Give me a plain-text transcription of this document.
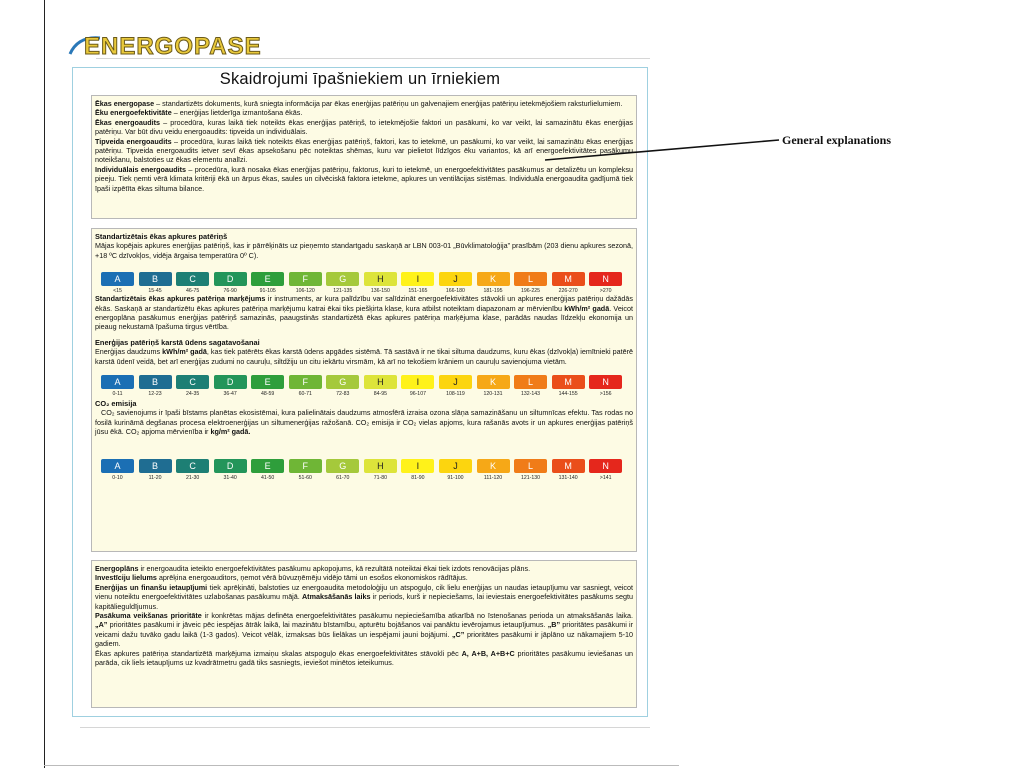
ENERGOPASE
Skaidrojumi īpašniekiem un īrniekiem

Ēkas energopase – standartizēts dokuments, kurā sniegta informācija par ēkas enerģijas patēriņu un galvenajiem enerģijas patēriņu ietekmējošiem raksturlielumiem.

Ēku energoefektivitāte – enerģijas lietderīga izmantošana ēkās.

Ēkas energoaudits – procedūra, kuras laikā tiek noteikts ēkas enerģijas patēriņš, to ietekmējošie faktori un pasākumi, ko var veikt, lai samazinātu ēkas enerģijas patēriņu. Var būt divu veidu energoaudits: tipveida un individuālais.

Tipveida energoaudits – procedūra, kuras laikā tiek noteikts ēkas enerģijas patēriņš, faktori, kas to ietekmē, un pasākumi, ko var veikt, lai samazinātu ēkas enerģijas patēriņu. Tipveida energoaudits ietver sevī ēkas apsekošanu pēc noteiktas shēmas, kuru var pielietot līdzīgos ēku variantos, kā arī energoefektivitātes pasākumu noteikšanu, balstoties uz ēkas elementu analīzi.

Individuālais energoaudits – procedūra, kurā nosaka ēkas enerģijas patēriņu, faktorus, kuri to ietekmē, un energoefektivitātes pasākumus ar detalizētu un kompleksu pieeju. Tiek ņemti vērā klimata kritēriji ēkā un ārpus ēkas, saules un cilvēciskā faktora ietekme, apkures un ventilācijas sistēmas. Individuāla energoaudita gadījumā tiek īpaši izpētīta ēkas siltuma bilance.

Standartizētais ēkas apkures patēriņš

Mājas kopējais apkures enerģijas patēriņš, kas ir pārrēķināts uz pieņemto standartgadu saskaņā ar LBN 003-01 „Būvklimatoloģija” prasībām (203 dienu apkures sezonā, +18 ºC dzīvokļos, vidēja ārgaisa temperatūra 0º C).

A
<15
B
15-45
C
46-75
D
76-90
E
91-105
F
106-120
G
121-135
H
136-150
I
151-165
J
166-180
K
181-195
L
196-225
M
226-270
N
>270

Standartizētais ēkas apkures patēriņa marķējums ir instruments, ar kura palīdzību var salīdzināt energoefektivitātes stāvokli un apkures enerģijas patēriņu dažādās ēkās. Saskaņā ar standartizētu ēkas apkures patēriņa marķējumu katrai ēkai tiks piešķirta klase, kura atbilst noteiktam diapazonam ar mērvienību kWh/m² gadā. Veicot energoplāna pasākumus enerģijas patēriņš samazinās, paaugstinās standartizētā ēkas apkures patēriņa marķējuma klase, parādās naudas līdzekļu ekonomija un pieaug nekustamā īpašuma tirgus vērtība.

Enerģijas patēriņš karstā ūdens sagatavošanai

Enerģijas daudzums kWh/m² gadā, kas tiek patērēts ēkas karstā ūdens apgādes sistēmā. Tā sastāvā ir ne tikai siltuma daudzums, kuru ēkas (dzīvokļa) iemītnieki patērē karstā ūdenī veidā, bet arī enerģijas zudumi no cauruļu, siltdžiju un citu iekārtu virsmām, kā arī no tekošiem krāniem un cauruļu savienojuma vietām.

A
0-11
B
12-23
C
24-35
D
36-47
E
48-59
F
60-71
G
72-83
H
84-95
I
96-107
J
108-119
K
120-131
L
132-143
M
144-155
N
>156

CO₂ emisija

CO₂ savienojums ir īpaši bīstams planētas ekosistēmai, kura palielinātais daudzums atmosfērā izraisa ozona slāņa samazināšanu un siltumnīcas efektu. Tas rodas no fosilā kurināmā degšanas procesa elektroenerģijas un siltumenerģijas ražošanā. CO₂ emisija ir CO₂ vielas apjoms, kura rašanās avots ir un apkures enerģijas patēriņš jūsu ēkā. CO₂ apjoma mērvienība ir kg/m² gadā.

A
0-10
B
11-20
C
21-30
D
31-40
E
41-50
F
51-60
G
61-70
H
71-80
I
81-90
J
91-100
K
111-120
L
121-130
M
131-140
N
>141

Energoplāns ir energoaudita ieteikto energoefektivitātes pasākumu apkopojums, kā rezultātā noteiktai ēkai tiek izdots renovācijas plāns.

Investīciju lielums aprēķina energoauditors, ņemot vērā būvuzņēmēju vidējo tāmi un esošos ekonomiskos rādītājus.

Enerģijas un finanšu ietaupījumi tiek aprēķināti, balstoties uz energoaudita metodoloģiju un atspoguļo, cik lielu enerģijas un naudas ietaupījumu var sasniegt, veicot vienu noteiktu energoefektivitātes uzlabošanas pasākumu mājā. Atmaksāšanās laiks ir periods, kurš ir nepieciešams, lai ieviestais energoefektivitātes pasākums segtu kapitālieguldījumus.

Pasākuma veikšanas prioritāte ir konkrētas mājas definēta energoefektivitātes pasākumu nepieciešamība atkarībā no īstenošanas perioda un atmaksāšanās laika. „A” prioritātes pasākumi ir jāveic pēc iespējas ātrāk laikā, lai mazinātu bīstamību, apturētu bojāšanos vai panāktu ievērojamus ietaupījumus. „B” prioritātes pasākumi ir veicami dažu tuvāko gadu laikā (1-3 gados). Veicot vēlāk, izmaksas būs lielākas un iespējami jauni bojājumi. „C” prioritātes pasākumi ir jāplāno uz nākamajiem 5-10 gadiem.

Ēkas apkures patēriņa standartizētā marķējuma izmaiņu skalas atspoguļo ēkas energoefektivitātes stāvokli pēc A, A+B, A+B+C prioritātes pasākumu ieviešanas un parāda, cik liels ietaupījums uz kvadrātmetru gadā tiks sasniegts, ieviešot minētos ieteikumus.

General explanations
